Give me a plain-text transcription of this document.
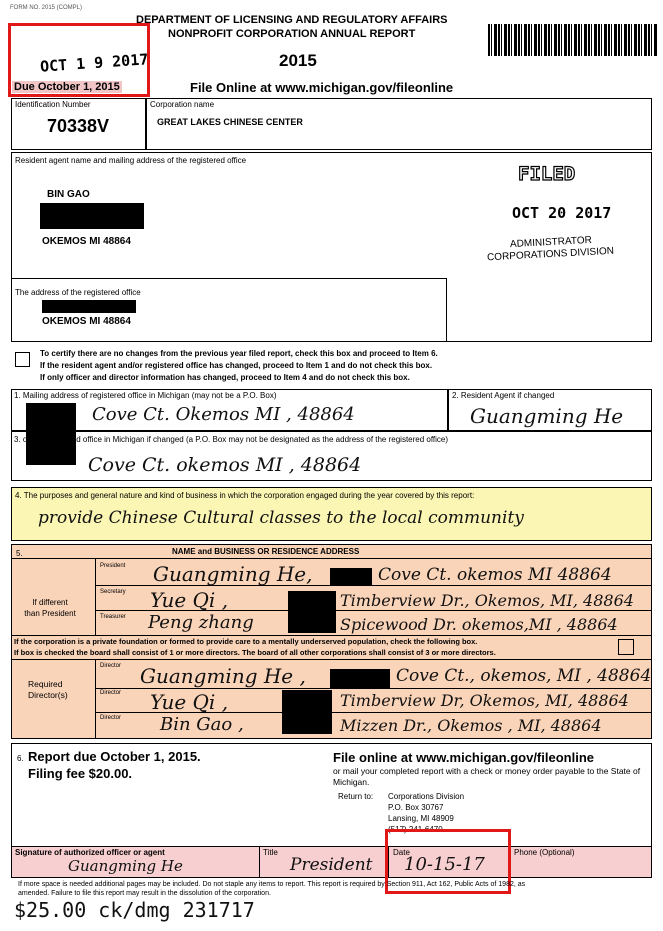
FORM NO. 2015 (COMPL)
DEPARTMENT OF LICENSING AND REGULATORY AFFAIRS
NONPROFIT CORPORATION ANNUAL REPORT
2015
File Online at www.michigan.gov/fileonline
OCT 1 9 2017
Due October 1, 2015
Identification Number
70338V
Corporation name
GREAT LAKES CHINESE CENTER
Resident agent name and mailing address of the registered office
BIN GAO
OKEMOS MI 48864
FILED
OCT 20 2017
ADMINISTRATOR
CORPORATIONS DIVISION
The address of the registered office
OKEMOS MI 48864
To certify there are no changes from the previous year filed report, check this box and proceed to Item 6.
If the resident agent and/or registered office has changed, proceed to Item 1 and do not check this box.
If only officer and director information has changed, proceed to Item 4 and do not check this box.
1. Mailing address of registered office in Michigan (may not be a P.O. Box)
Cove Ct. Okemos MI , 48864
2. Resident Agent if changed
Guangming He
3. of the registered office in Michigan if changed (a P.O. Box may not be designated as the address of the registered office)
Cove Ct. okemos MI , 48864
4. The purposes and general nature and kind of business in which the corporation engaged during the year covered by this report:
provide Chinese Cultural classes to the local community
5.	NAME and BUSINESS OR RESIDENCE ADDRESS
If different than President
President Guangming He,	Cove Ct. okemos MI 48864
Secretary Yue Qi ,	Timberview Dr., Okemos, MI, 48864
Treasurer Peng zhang	Spicewood Dr. okemos,MI , 48864
If the corporation is a private foundation or formed to provide care to a mentally underserved population, check the following box.
If box is checked the board shall consist of 1 or more directors. The board of all other corporations shall consist of 3 or more directors.
Required Director(s)
Director Guangming He ,	Cove Ct., okemos, MI , 48864
Director Yue Qi ,	Timberview Dr, Okemos, MI, 48864
Director Bin Gao ,	Mizzen Dr., Okemos , MI, 48864
6. Report due October 1, 2015.
Filing fee $20.00.
File online at www.michigan.gov/fileonline
or mail your completed report with a check or money order payable to the State of Michigan.
Return to: Corporations Division
P.O. Box 30767
Lansing, MI 48909
(517) 241-6470
Signature of authorized officer or agent
Guangming He
Title
President
Date
10-15-17
Phone (Optional)
If more space is needed additional pages may be included. Do not staple any items to report. This report is required by Section 911, Act 162, Public Acts of 1982, as
amended. Failure to file this report may result in the dissolution of the corporation.
$25.00 ck/dmg 231717
